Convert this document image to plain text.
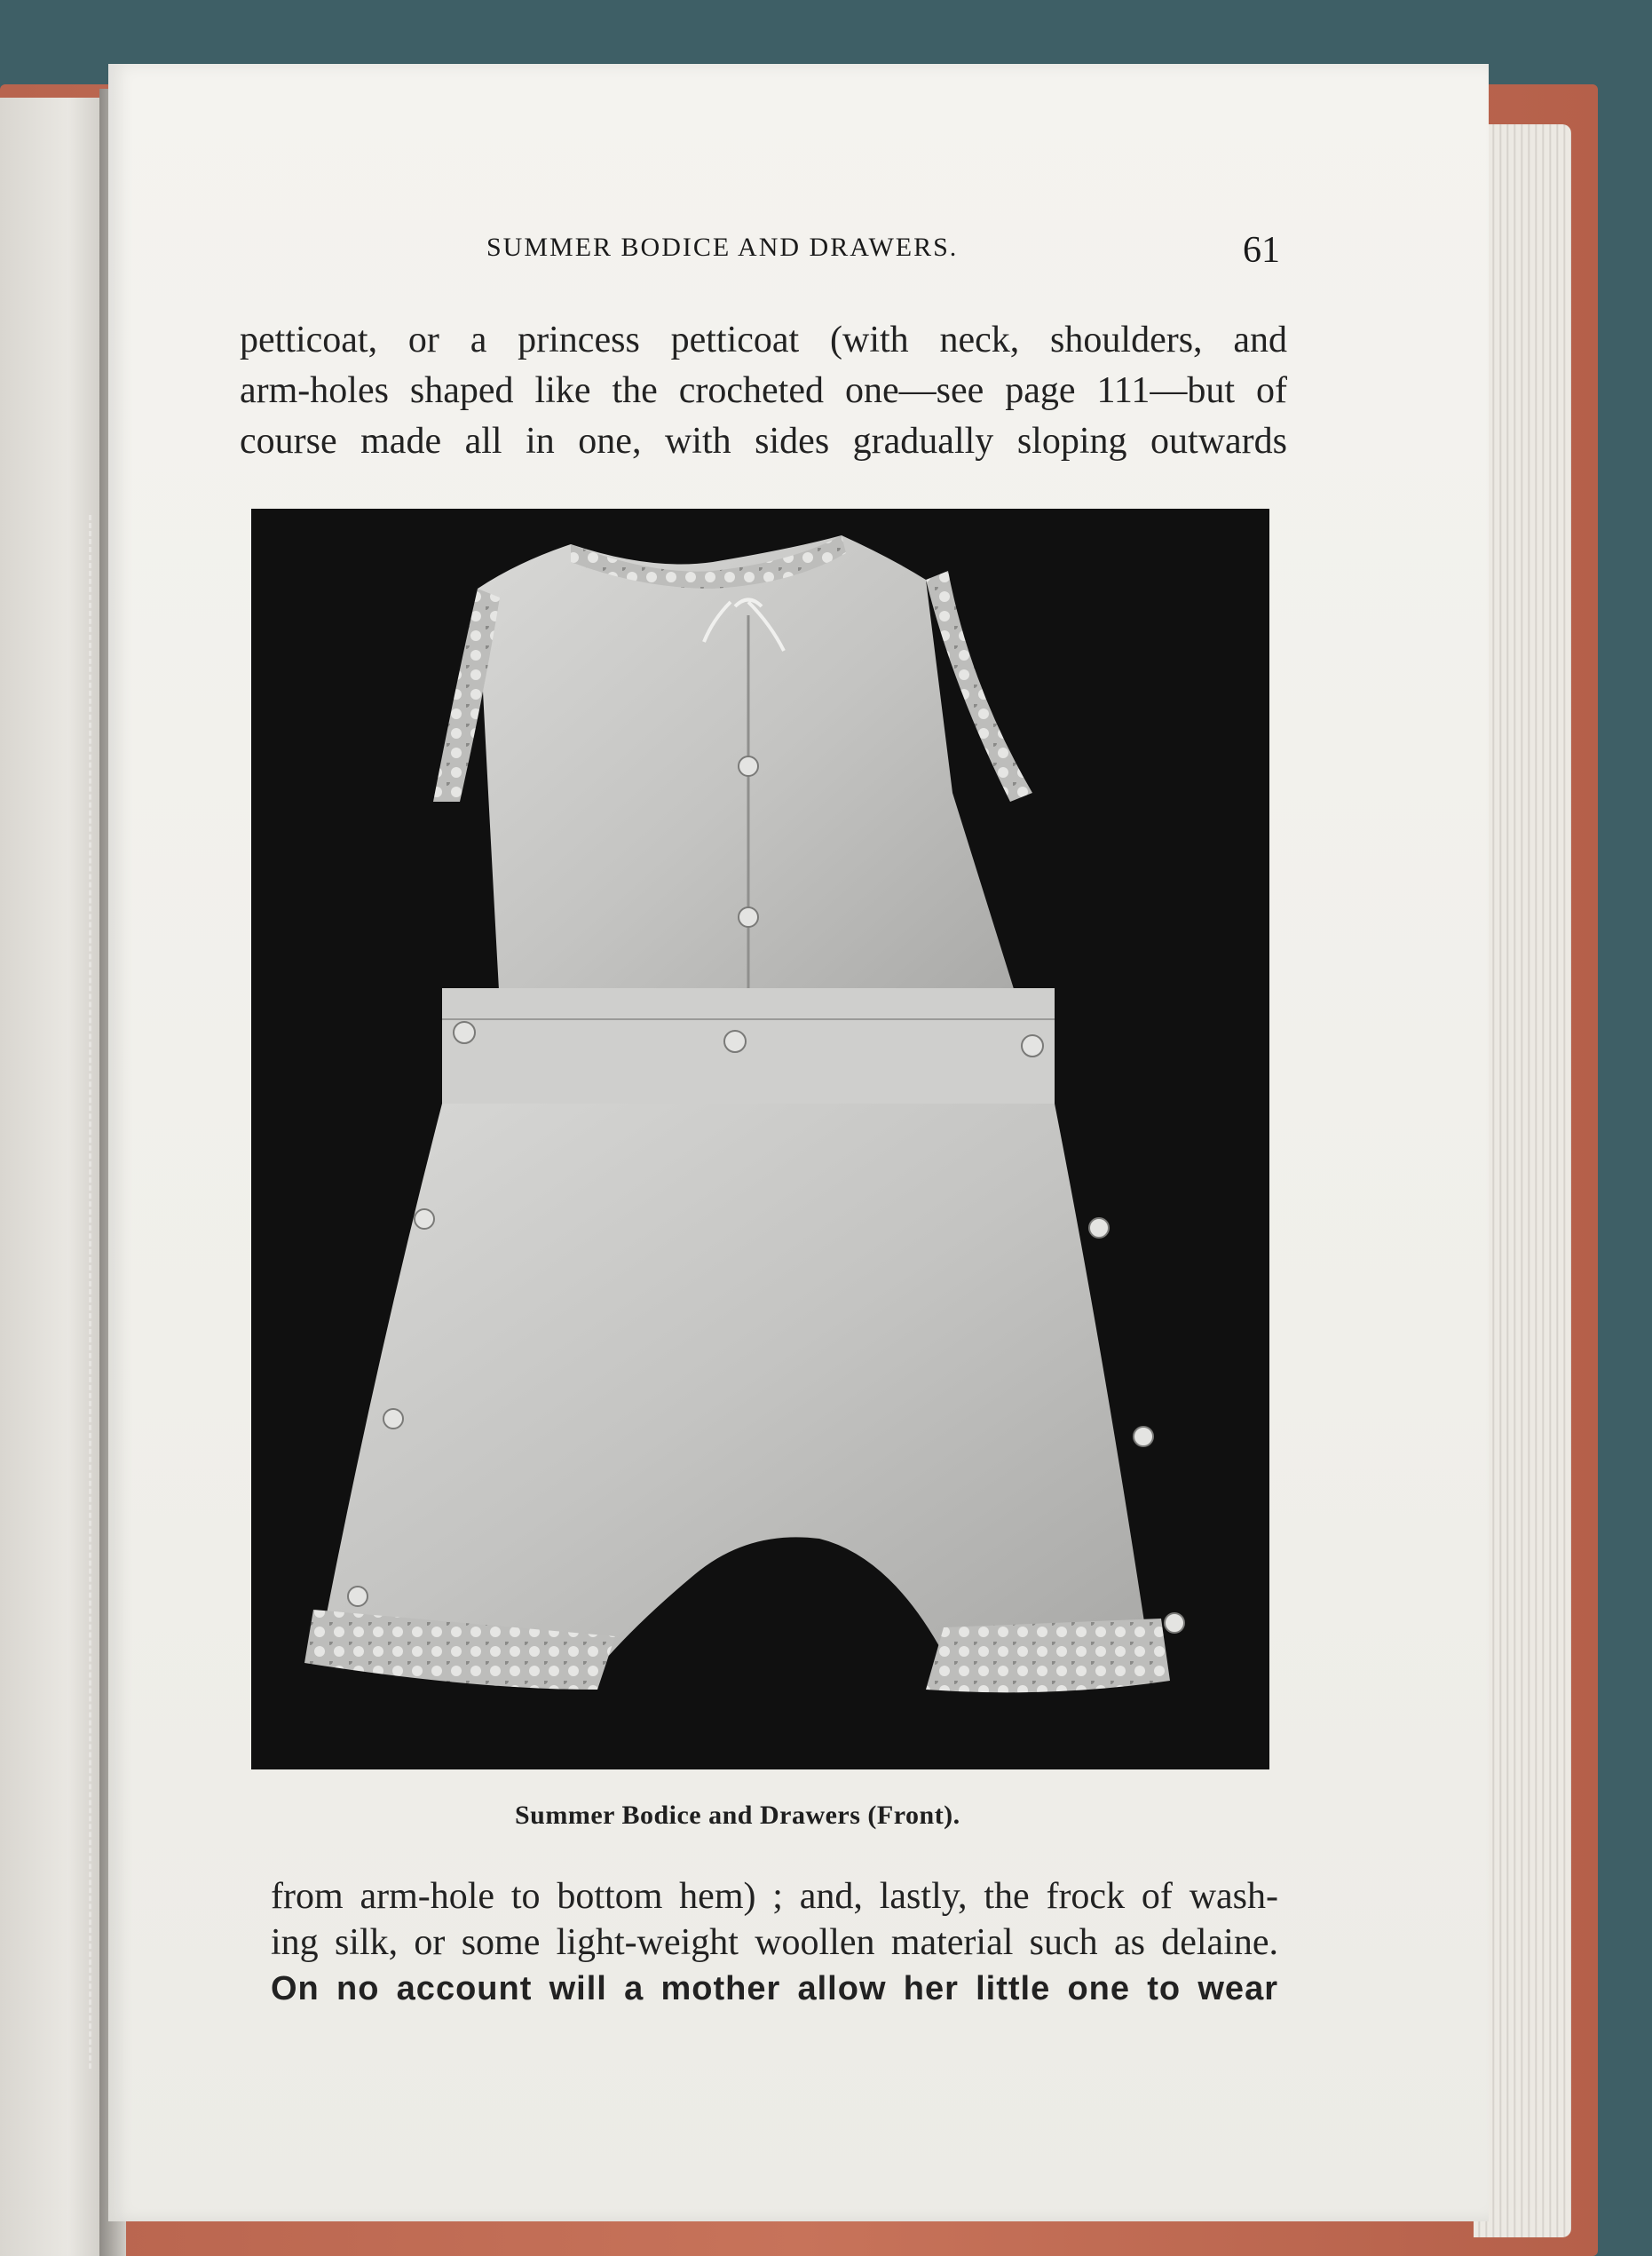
SUMMER BODICE AND DRAWERS.	61
petticoat, or a princess petticoat (with neck, shoulders, and
arm-holes shaped like the crocheted one—see page 111—but of
course made all in one, with sides gradually sloping outwards
Summer Bodice and Drawers (Front).
from arm-hole to bottom hem) ; and, lastly, the frock of wash-
ing silk, or some light-weight woollen material such as delaine.
On no account will a mother allow her little one to wear
